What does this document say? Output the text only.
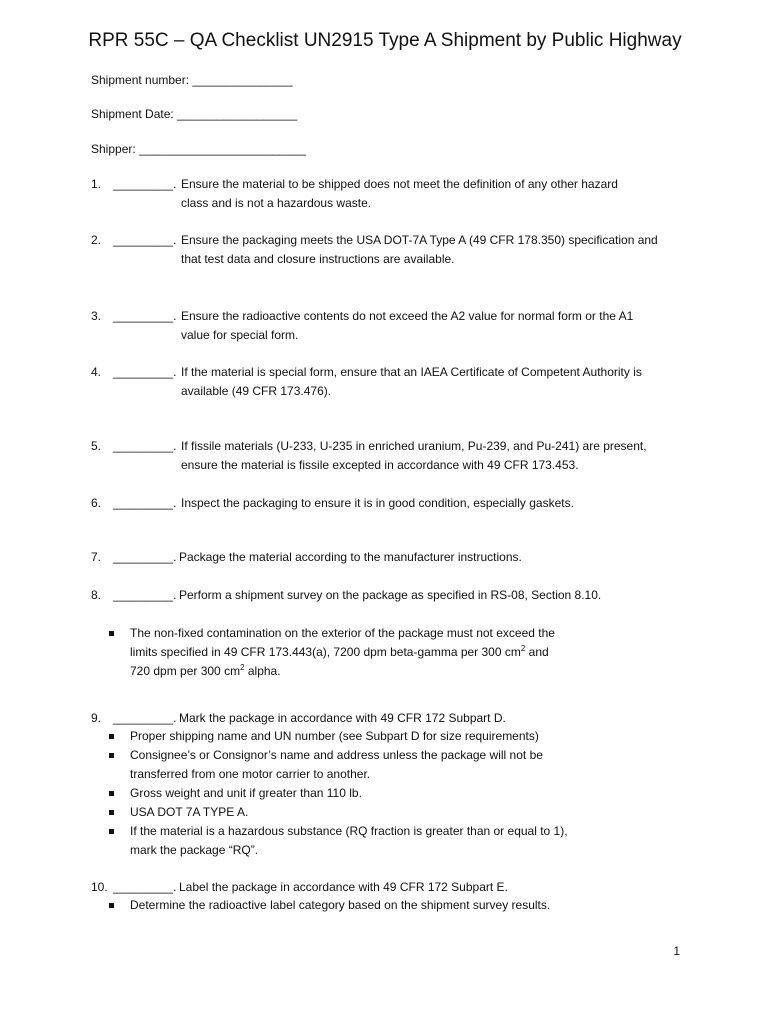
RPR 55C – QA Checklist UN2915 Type A Shipment by Public Highway
Shipment number: _______________
Shipment Date: __________________
Shipper: _________________________
1. _________. Ensure the material to be shipped does not meet the definition of any other hazard
class and is not a hazardous waste.
2. _________. Ensure the packaging meets the USA DOT-7A Type A (49 CFR 178.350) specification and
that test data and closure instructions are available.
3. _________. Ensure the radioactive contents do not exceed the A2 value for normal form or the A1
value for special form.
4. _________. If the material is special form, ensure that an IAEA Certificate of Competent Authority is
available (49 CFR 173.476).
5. _________. If fissile materials (U-233, U-235 in enriched uranium, Pu-239, and Pu-241) are present,
ensure the material is fissile excepted in accordance with 49 CFR 173.453.
6. _________. Inspect the packaging to ensure it is in good condition, especially gaskets.
7. _________. Package the material according to the manufacturer instructions.
8. _________. Perform a shipment survey on the package as specified in RS-08, Section 8.10.
The non-fixed contamination on the exterior of the package must not exceed the
limits specified in 49 CFR 173.443(a), 7200 dpm beta-gamma per 300 $cm^2$ and
720 dpm per 300 $cm^2$ alpha.
9. _________. Mark the package in accordance with 49 CFR 172 Subpart D.
Proper shipping name and UN number (see Subpart D for size requirements)
Consignee’s or Consignor’s name and address unless the package will not be transferred from one motor carrier to another.
Gross weight and unit if greater than 110 lb.
USA DOT 7A TYPE A.
If the material is a hazardous substance (RQ fraction is greater than or equal to 1), mark the package “RQ”.
10. _________. Label the package in accordance with 49 CFR 172 Subpart E.
Determine the radioactive label category based on the shipment survey results.
1
